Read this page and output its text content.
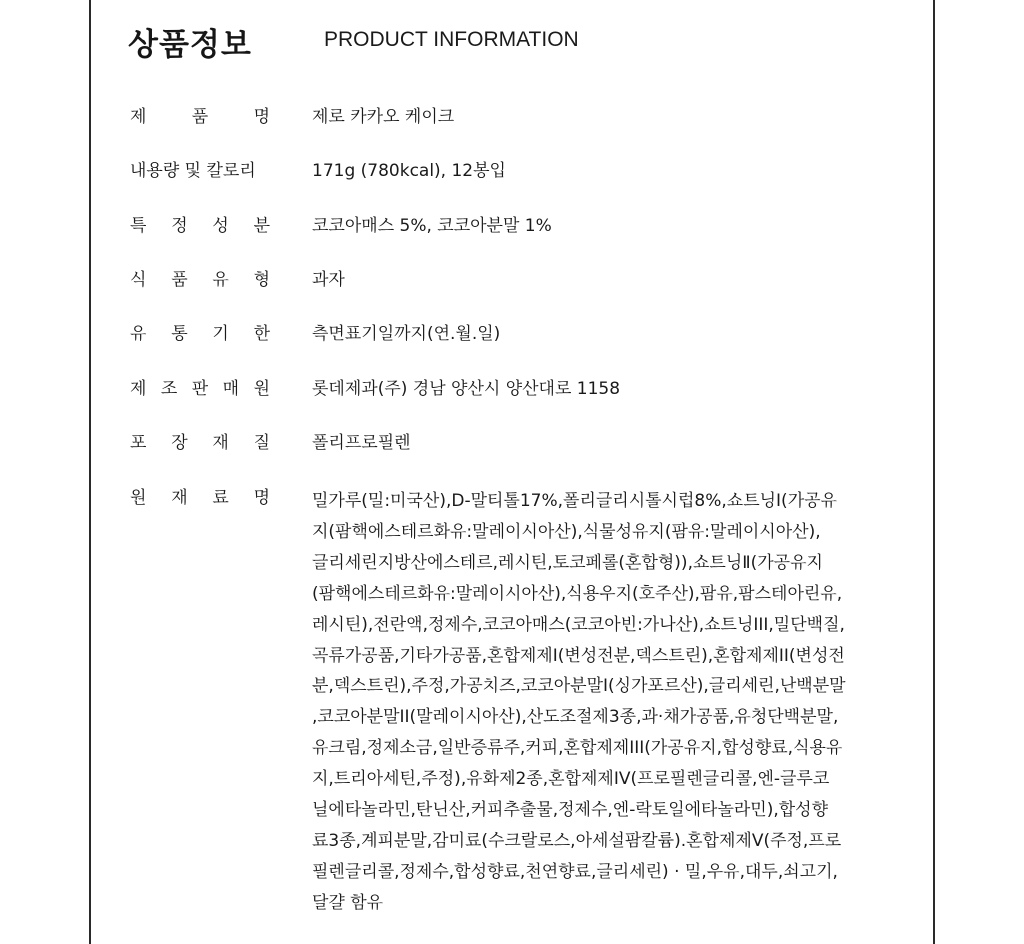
상품정보	PRODUCT INFORMATION
제	품	명 제로 카카오 케이크
내용량 및 칼로리	171g (780kcal), 12봉입
특 정 성 분 코코아매스 5%, 코코아분말 1%
식 품 유 형 과자
유 통 기 한 측면표기일까지(연.월.일)
제 조 판 매 원 롯데제과(주) 경남 양산시 양산대로 1158
포 장 재 질 폴리프로필렌
원 재 료 명 밀가루(밀:미국산),D-말티톨17%,폴리글리시톨시럽8%,쇼트닝I(가공유
지(팜핵에스테르화유:말레이시아산),식물성유지(팜유:말레이시아산),
글리세린지방산에스테르,레시틴,토코페롤(혼합형)),쇼트닝Ⅱ(가공유지
(팜핵에스테르화유:말레이시아산),식용우지(호주산),팜유,팜스테아린유,
레시틴),전란액,정제수,코코아매스(코코아빈:가나산),쇼트닝III,밀단백질,
곡류가공품,기타가공품,혼합제제I(변성전분,덱스트린),혼합제제II(변성전
분,덱스트린),주정,가공치즈,코코아분말I(싱가포르산),글리세린,난백분말
,코코아분말II(말레이시아산),산도조절제3종,과·채가공품,유청단백분말,
유크림,정제소금,일반증류주,커피,혼합제제III(가공유지,합성향료,식용유
지,트리아세틴,주정),유화제2종,혼합제제IV(프로필렌글리콜,엔-글루코
닐에타놀라민,탄닌산,커피추출물,정제수,엔-락토일에타놀라민),합성향
료3종,계피분말,감미료(수크랄로스,아세설팜칼륨).혼합제제V(주정,프로
필렌글리콜,정제수,합성향료,천연향료,글리세린) · 밀,우유,대두,쇠고기,
달걀 함유
